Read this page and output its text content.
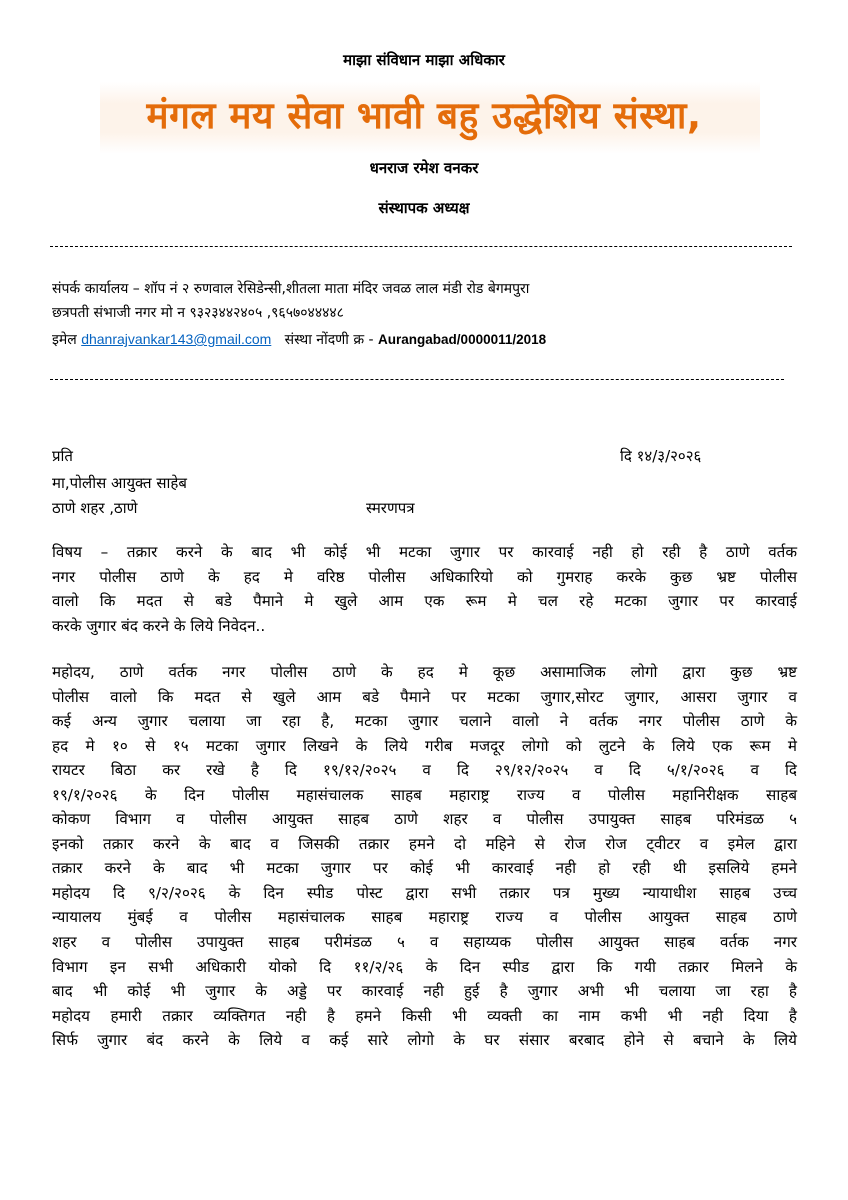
माझा संविधान माझा अधिकार
मंगल मय सेवा भावी बहु उद्धेशिय संस्था,
धनराज रमेश वनकर
संस्थापक अध्यक्ष
संपर्क कार्यालय – शॉप नं २ रुणवाल रेसिडेन्सी,शीतला माता मंदिर जवळ लाल मंडी रोड बेगमपुरा
छत्रपती संभाजी नगर मो न ९३२३४४२४०५ ,९६५७०४४४४८
इमेल dhanrajvankar143@gmail.com संस्था नोंदणी क्र - Aurangabad/0000011/2018
प्रति	दि १४/३/२०२६
मा,पोलीस आयुक्त साहेब
ठाणे शहर ,ठाणे	स्मरणपत्र
विषय – तक्रार करने के बाद भी कोई भी मटका जुगार पर कारवाई नही हो रही है ठाणे वर्तक
नगर पोलीस ठाणे के हद मे वरिष्ठ पोलीस अधिकारियो को गुमराह करके कुछ भ्रष्ट पोलीस
वालो कि मदत से बडे पैमाने मे खुले आम एक रूम मे चल रहे मटका जुगार पर कारवाई
करके जुगार बंद करने के लिये निवेदन..
महोदय, ठाणे वर्तक नगर पोलीस ठाणे के हद मे कूछ असामाजिक लोगो द्वारा कुछ भ्रष्ट
पोलीस वालो कि मदत से खुले आम बडे पैमाने पर मटका जुगार,सोरट जुगार, आसरा जुगार व
कई अन्य जुगार चलाया जा रहा है, मटका जुगार चलाने वालो ने वर्तक नगर पोलीस ठाणे के
हद मे १० से १५ मटका जुगार लिखने के लिये गरीब मजदूर लोगो को लुटने के लिये एक रूम मे
रायटर बिठा कर रखे है दि १९/१२/२०२५ व दि २९/१२/२०२५ व दि ५/१/२०२६ व दि
१९/१/२०२६ के दिन पोलीस महासंचालक साहब महाराष्ट्र राज्य व पोलीस महानिरीक्षक साहब
कोकण विभाग व पोलीस आयुक्त साहब ठाणे शहर व पोलीस उपायुक्त साहब परिमंडळ ५
इनको तक्रार करने के बाद व जिसकी तक्रार हमने दो महिने से रोज रोज ट्वीटर व इमेल द्वारा
तक्रार करने के बाद भी मटका जुगार पर कोई भी कारवाई नही हो रही थी इसलिये हमने
महोदय दि ९/२/२०२६ के दिन स्पीड पोस्ट द्वारा सभी तक्रार पत्र मुख्य न्यायाधीश साहब उच्च
न्यायालय मुंबई व पोलीस महासंचालक साहब महाराष्ट्र राज्य व पोलीस आयुक्त साहब ठाणे
शहर व पोलीस उपायुक्त साहब परीमंडळ ५ व सहाय्यक पोलीस आयुक्त साहब वर्तक नगर
विभाग इन सभी अधिकारी योको दि ११/२/२६ के दिन स्पीड द्वारा कि गयी तक्रार मिलने के
बाद भी कोई भी जुगार के अड्डे पर कारवाई नही हुई है जुगार अभी भी चलाया जा रहा है
महोदय हमारी तक्रार व्यक्तिगत नही है हमने किसी भी व्यक्ती का नाम कभी भी नही दिया है
सिर्फ जुगार बंद करने के लिये व कई सारे लोगो के घर संसार बरबाद होने से बचाने के लिये
